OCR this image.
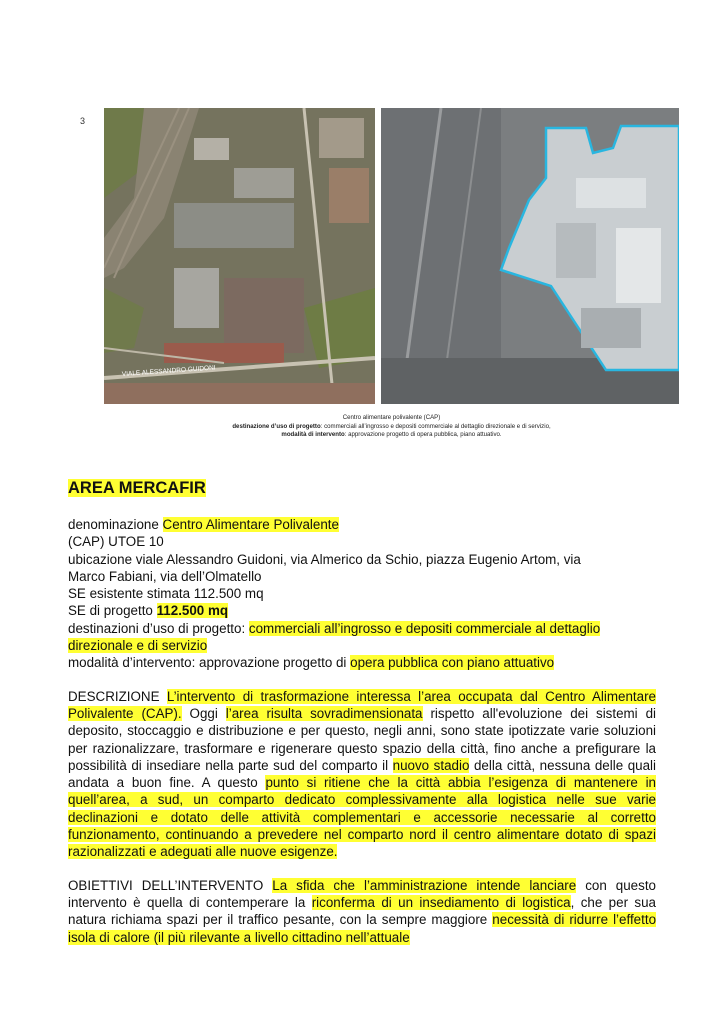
3
VIALE ALESSANDRO GUIDONI
Centro alimentare polivalente (CAP)
destinazione d’uso di progetto: commerciali all’ingrosso e depositi commerciale al dettaglio direzionale e di servizio,
modalità di intervento: approvazione progetto di opera pubblica, piano attuativo.
AREA MERCAFIR
denominazione Centro Alimentare Polivalente
(CAP) UTOE 10
ubicazione viale Alessandro Guidoni, via Almerico da Schio, piazza Eugenio Artom, via
Marco Fabiani, via dell’Olmatello
SE esistente stimata 112.500 mq
SE di progetto 112.500 mq
destinazioni d’uso di progetto: commerciali all’ingrosso e depositi commerciale al dettaglio
direzionale e di servizio
modalità d’intervento: approvazione progetto di opera pubblica con piano attuativo
DESCRIZIONE L’intervento di trasformazione interessa l’area occupata dal Centro Alimentare Polivalente (CAP). Oggi l’area risulta sovradimensionata rispetto all'evoluzione dei sistemi di deposito, stoccaggio e distribuzione e per questo, negli anni, sono state ipotizzate varie soluzioni per razionalizzare, trasformare e rigenerare questo spazio della città, fino anche a prefigurare la possibilità di insediare nella parte sud del comparto il nuovo stadio della città, nessuna delle quali andata a buon fine. A questo punto si ritiene che la città abbia l’esigenza di mantenere in quell’area, a sud, un comparto dedicato complessivamente alla logistica nelle sue varie declinazioni e dotato delle attività complementari e accessorie necessarie al corretto funzionamento, continuando a prevedere nel comparto nord il centro alimentare dotato di spazi razionalizzati e adeguati alle nuove esigenze.
OBIETTIVI DELL’INTERVENTO La sfida che l’amministrazione intende lanciare con questo intervento è quella di contemperare la riconferma di un insediamento di logistica, che per sua natura richiama spazi per il traffico pesante, con la sempre maggiore necessità di ridurre l’effetto isola di calore (il più rilevante a livello cittadino nell’attuale
